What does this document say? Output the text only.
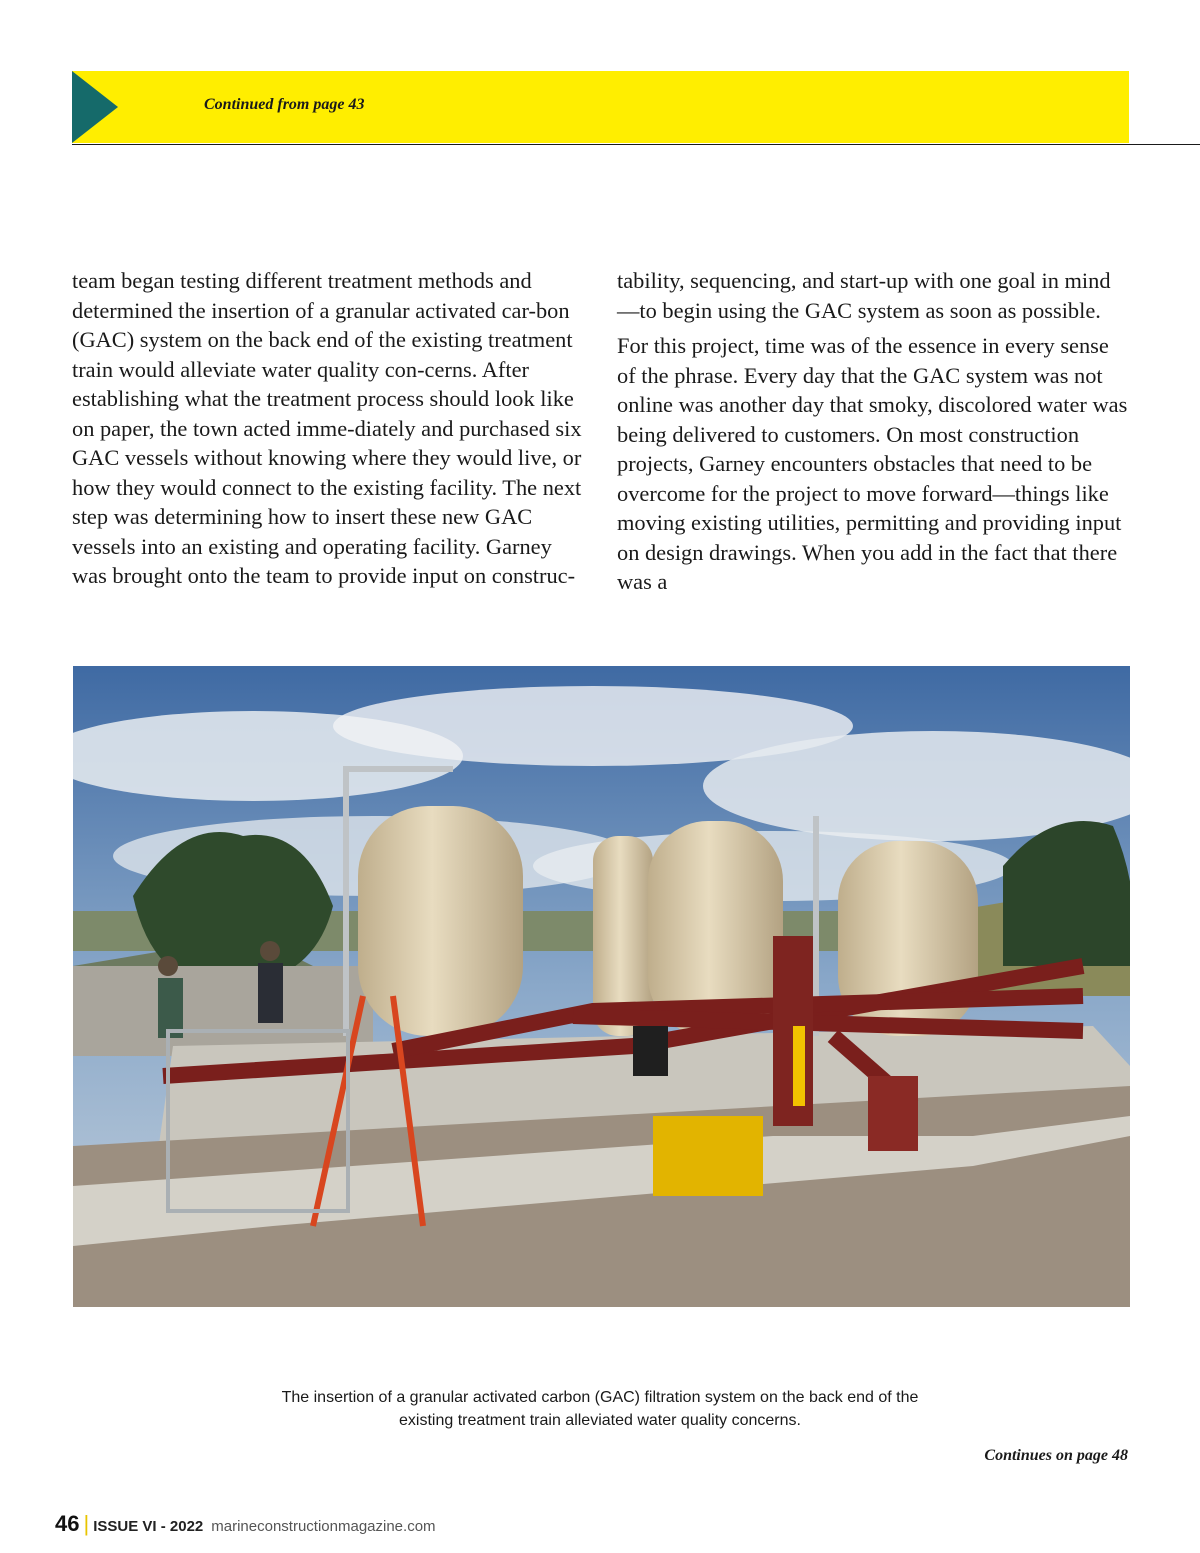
Continued from page 43

team began testing different treatment methods and determined the insertion of a granular activated car-bon (GAC) system on the back end of the existing treatment train would alleviate water quality con-cerns. After establishing what the treatment process should look like on paper, the town acted imme-diately and purchased six GAC vessels without knowing where they would live, or how they would connect to the existing facility. The next step was determining how to insert these new GAC vessels into an existing and operating facility. Garney was brought onto the team to provide input on construc-

tability, sequencing, and start-up with one goal in mind—to begin using the GAC system as soon as possible.

For this project, time was of the essence in every sense of the phrase. Every day that the GAC system was not online was another day that smoky, discolored water was being delivered to customers. On most construction projects, Garney encounters obstacles that need to be overcome for the project to move forward—things like moving existing utilities, permitting and providing input on design drawings. When you add in the fact that there was a

The insertion of a granular activated carbon (GAC) filtration system on the back end of the
existing treatment train alleviated water quality concerns.
Continues on page 48
46 | ISSUE VI - 2022 marineconstructionmagazine.com
